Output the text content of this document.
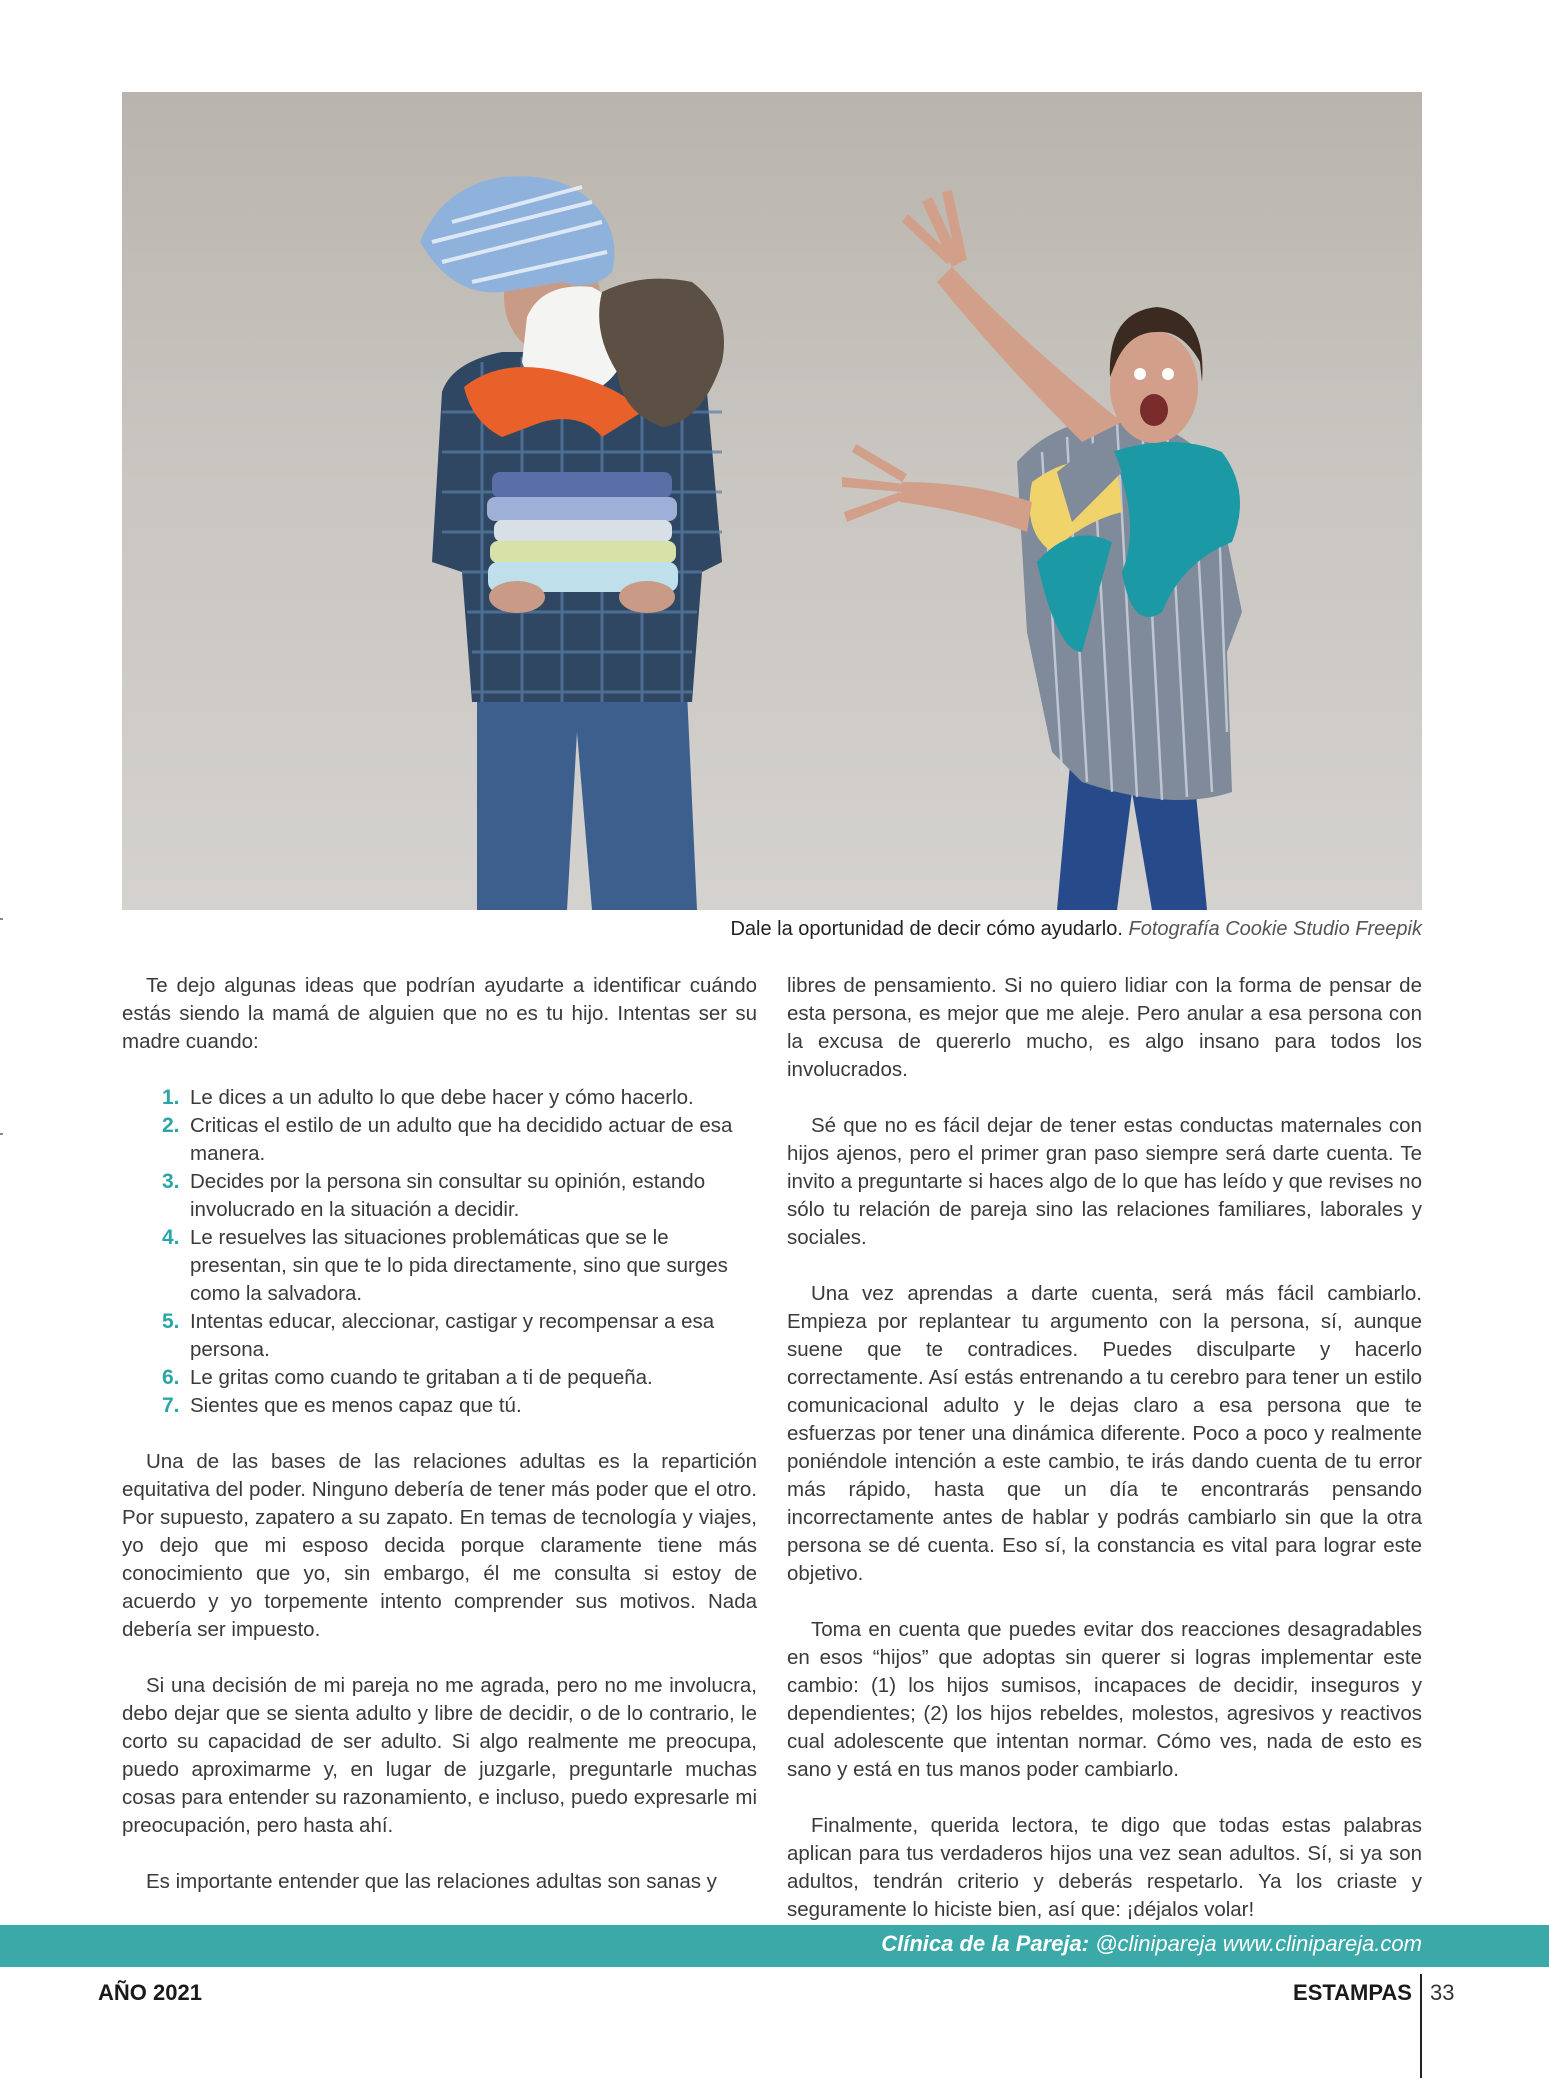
Dale la oportunidad de decir cómo ayudarlo. Fotografía Cookie Studio Freepik

Te dejo algunas ideas que podrían ayudarte a identificar cuándo estás siendo la mamá de alguien que no es tu hijo. Intentas ser su madre cuando:

1. Le dices a un adulto lo que debe hacer y cómo hacerlo.
2. Criticas el estilo de un adulto que ha decidido actuar de esa manera.
3. Decides por la persona sin consultar su opinión, estando involucrado en la situación a decidir.
4. Le resuelves las situaciones problemáticas que se le presentan, sin que te lo pida directamente, sino que surges como la salvadora.
5. Intentas educar, aleccionar, castigar y recompensar a esa persona.
6. Le gritas como cuando te gritaban a ti de pequeña.
7. Sientes que es menos capaz que tú.

Una de las bases de las relaciones adultas es la repartición equitativa del poder. Ninguno debería de tener más poder que el otro. Por supuesto, zapatero a su zapato. En temas de tecnología y viajes, yo dejo que mi esposo decida porque claramente tiene más conocimiento que yo, sin embargo, él me consulta si estoy de acuerdo y yo torpemente intento comprender sus motivos. Nada debería ser impuesto.

Si una decisión de mi pareja no me agrada, pero no me involucra, debo dejar que se sienta adulto y libre de decidir, o de lo contrario, le corto su capacidad de ser adulto. Si algo realmente me preocupa, puedo aproximarme y, en lugar de juzgarle, preguntarle muchas cosas para entender su razonamiento, e incluso, puedo expresarle mi preocupación, pero hasta ahí.

Es importante entender que las relaciones adultas son sanas y

libres de pensamiento. Si no quiero lidiar con la forma de pensar de esta persona, es mejor que me aleje. Pero anular a esa persona con la excusa de quererlo mucho, es algo insano para todos los involucrados.

Sé que no es fácil dejar de tener estas conductas maternales con hijos ajenos, pero el primer gran paso siempre será darte cuenta. Te invito a preguntarte si haces algo de lo que has leído y que revises no sólo tu relación de pareja sino las relaciones familiares, laborales y sociales.

Una vez aprendas a darte cuenta, será más fácil cambiarlo. Empieza por replantear tu argumento con la persona, sí, aunque suene que te contradices. Puedes disculparte y hacerlo correctamente. Así estás entrenando a tu cerebro para tener un estilo comunicacional adulto y le dejas claro a esa persona que te esfuerzas por tener una dinámica diferente. Poco a poco y realmente poniéndole intención a este cambio, te irás dando cuenta de tu error más rápido, hasta que un día te encontrarás pensando incorrectamente antes de hablar y podrás cambiarlo sin que la otra persona se dé cuenta. Eso sí, la constancia es vital para lograr este objetivo.

Toma en cuenta que puedes evitar dos reacciones desagradables en esos “hijos” que adoptas sin querer si logras implementar este cambio: (1) los hijos sumisos, incapaces de decidir, inseguros y dependientes; (2) los hijos rebeldes, molestos, agresivos y reactivos cual adolescente que intentan normar. Cómo ves, nada de esto es sano y está en tus manos poder cambiarlo.

Finalmente, querida lectora, te digo que todas estas palabras aplican para tus verdaderos hijos una vez sean adultos. Sí, si ya son adultos, tendrán criterio y deberás respetarlo. Ya los criaste y seguramente lo hiciste bien, así que: ¡déjalos volar!

Clínica de la Pareja: @clinipareja www.clinipareja.com
AÑO 2021	ESTAMPAS 33
